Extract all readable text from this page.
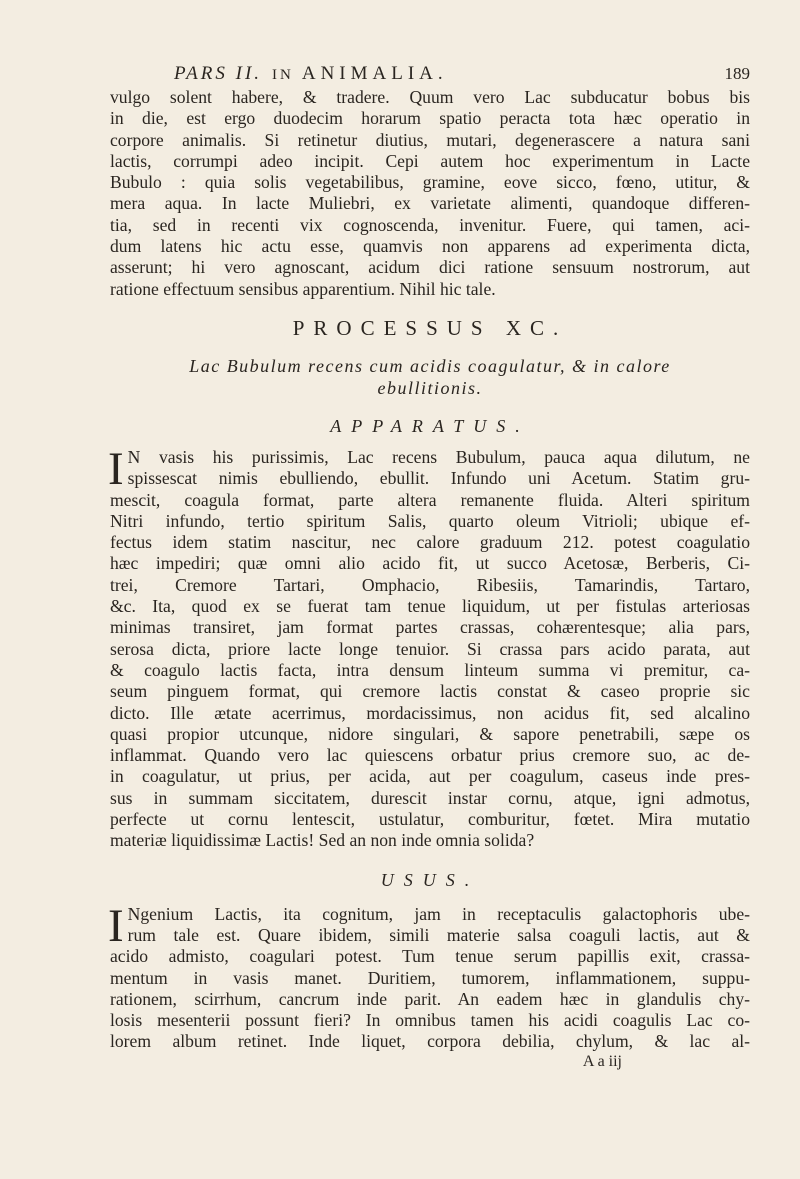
PARS II. IN ANIMALIA.	189

vulgo solent habere, & tradere. Quum vero Lac subducatur bobus bis
in die, est ergo duodecim horarum spatio peracta tota hæc operatio in
corpore animalis. Si retinetur diutius, mutari, degenerascere a natura sani
lactis, corrumpi adeo incipit. Cepi autem hoc experimentum in Lacte
Bubulo : quia solis vegetabilibus, gramine, eove sicco, fœno, utitur, &
mera aqua. In lacte Muliebri, ex varietate alimenti, quandoque differen-
tia, sed in recenti vix cognoscenda, invenitur. Fuere, qui tamen, aci-
dum latens hic actu esse, quamvis non apparens ad experimenta dicta,
asserunt; hi vero agnoscant, acidum dici ratione sensuum nostrorum, aut
ratione effectuum sensibus apparentium. Nihil hic tale.

PROCESSUS XC.
Lac Bubulum recens cum acidis coagulatur, & in calore
ebullitionis.
APPARATUS.

I N vasis his purissimis, Lac recens Bubulum, pauca aqua dilutum, ne
spissescat nimis ebulliendo, ebullit. Infundo uni Acetum. Statim gru-
mescit, coagula format, parte altera remanente fluida. Alteri spiritum
Nitri infundo, tertio spiritum Salis, quarto oleum Vitrioli; ubique ef-
fectus idem statim nascitur, nec calore graduum 212. potest coagulatio
hæc impediri; quæ omni alio acido fit, ut succo Acetosæ, Berberis, Ci-
trei, Cremore Tartari, Omphacio, Ribesiis, Tamarindis, Tartaro,
&c. Ita, quod ex se fuerat tam tenue liquidum, ut per fistulas arteriosas
minimas transiret, jam format partes crassas, cohærentesque; alia pars,
serosa dicta, priore lacte longe tenuior. Si crassa pars acido parata, aut
& coagulo lactis facta, intra densum linteum summa vi premitur, ca-
seum pinguem format, qui cremore lactis constat & caseo proprie sic
dicto. Ille ætate acerrimus, mordacissimus, non acidus fit, sed alcalino
quasi propior utcunque, nidore singulari, & sapore penetrabili, sæpe os
inflammat. Quando vero lac quiescens orbatur prius cremore suo, ac de-
in coagulatur, ut prius, per acida, aut per coagulum, caseus inde pres-
sus in summam siccitatem, durescit instar cornu, atque, igni admotus,
perfecte ut cornu lentescit, ustulatur, comburitur, fœtet. Mira mutatio
materiæ liquidissimæ Lactis! Sed an non inde omnia solida?

USUS.

I Ngenium Lactis, ita cognitum, jam in receptaculis galactophoris ube-
rum tale est. Quare ibidem, simili materie salsa coaguli lactis, aut &
acido admisto, coagulari potest. Tum tenue serum papillis exit, crassa-
mentum in vasis manet. Duritiem, tumorem, inflammationem, suppu-
rationem, scirrhum, cancrum inde parit. An eadem hæc in glandulis chy-
losis mesenterii possunt fieri? In omnibus tamen his acidi coagulis Lac co-
lorem album retinet. Inde liquet, corpora debilia, chylum, & lac al-

A a iij
